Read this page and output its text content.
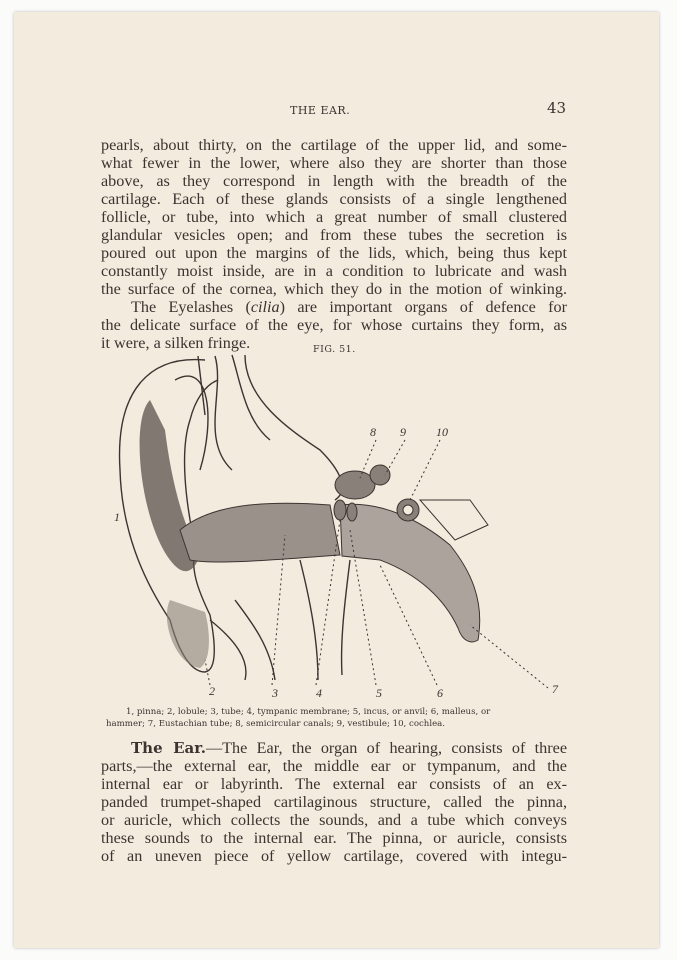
THE EAR.	43
pearls, about thirty, on the cartilage of the upper lid, and some-
what fewer in the lower, where also they are shorter than those
above, as they correspond in length with the breadth of the
cartilage. Each of these glands consists of a single lengthened
follicle, or tube, into which a great number of small clustered
glandular vesicles open; and from these tubes the secretion is
poured out upon the margins of the lids, which, being thus kept
constantly moist inside, are in a condition to lubricate and wash
the surface of the cornea, which they do in the motion of winking.
The Eyelashes (cilia) are important organs of defence for
the delicate surface of the eye, for whose curtains they form, as
it were, a silken fringe.	FIG. 51.
1
2	3	4	5	6	7
8 9	10
1, pinna; 2, lobule; 3, tube; 4, tympanic membrane; 5, incus, or anvil; 6, malleus, or
hammer; 7, Eustachian tube; 8, semicircular canals; 9, vestibule; 10, cochlea.
The Ear.—The Ear, the organ of hearing, consists of three
parts,—the external ear, the middle ear or tympanum, and the
internal ear or labyrinth. The external ear consists of an ex-
panded trumpet-shaped cartilaginous structure, called the pinna,
or auricle, which collects the sounds, and a tube which conveys
these sounds to the internal ear. The pinna, or auricle, consists
of an uneven piece of yellow cartilage, covered with integu-
